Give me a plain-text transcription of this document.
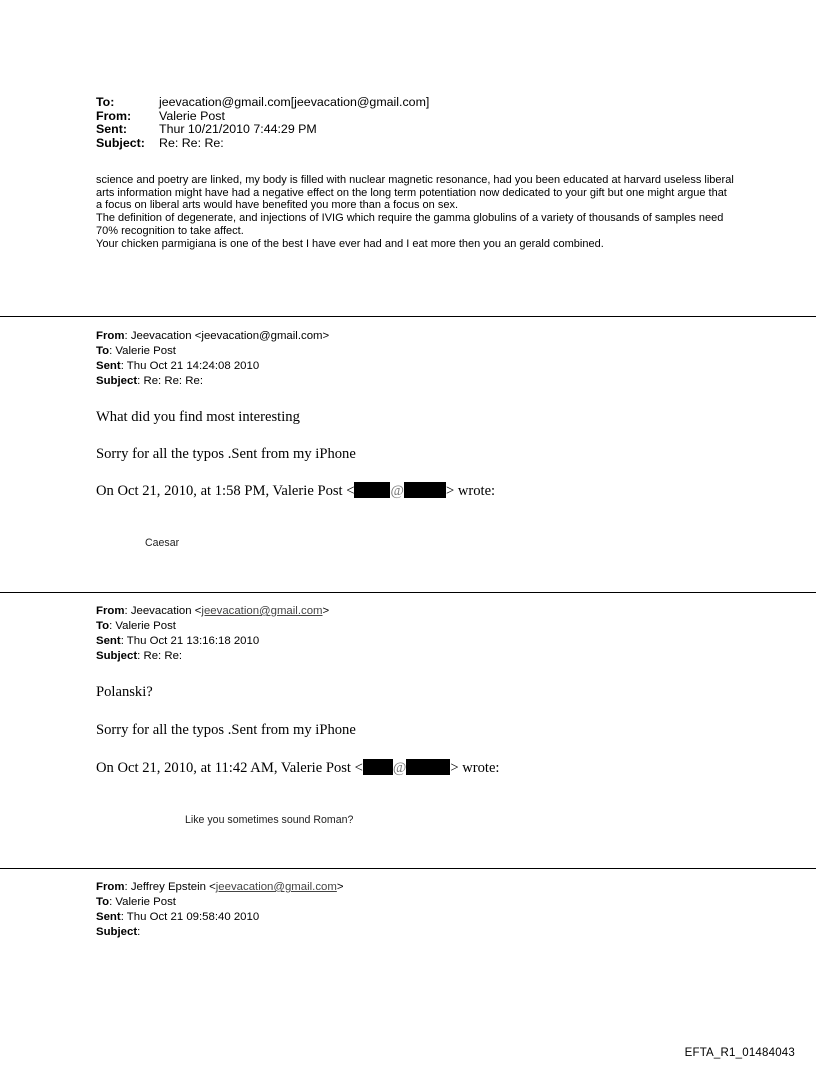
To:	jeevacation@gmail.com[jeevacation@gmail.com]
From:	Valerie Post
Sent:	Thur 10/21/2010 7:44:29 PM
Subject:	Re: Re: Re:

science and poetry are linked, my body is filled with nuclear magnetic resonance, had you been educated at harvard useless liberal arts information might have had a negative effect on the long term potentiation now dedicated to your gift but one might argue that a focus on liberal arts would have benefited you more than a focus on sex.

The definition of degenerate, and injections of IVIG which require the gamma globulins of a variety of thousands of samples need 70% recognition to take affect.

Your chicken parmigiana is one of the best I have ever had and I eat more then you an gerald combined.

From: Jeevacation <jeevacation@gmail.com>
To: Valerie Post
Sent: Thu Oct 21 14:24:08 2010
Subject: Re: Re: Re:
What did you find most interesting
Sorry for all the typos .Sent from my iPhone
On Oct 21, 2010, at 1:58 PM, Valerie Post < @	> wrote:
Caesar
From: Jeevacation <jeevacation@gmail.com>
To: Valerie Post
Sent: Thu Oct 21 13:16:18 2010
Subject: Re: Re:
Polanski?
Sorry for all the typos .Sent from my iPhone
On Oct 21, 2010, at 11:42 AM, Valerie Post < @	> wrote:
Like you sometimes sound Roman?
From: Jeffrey Epstein <jeevacation@gmail.com>
To: Valerie Post
Sent: Thu Oct 21 09:58:40 2010
Subject:
EFTA_R1_01484043
